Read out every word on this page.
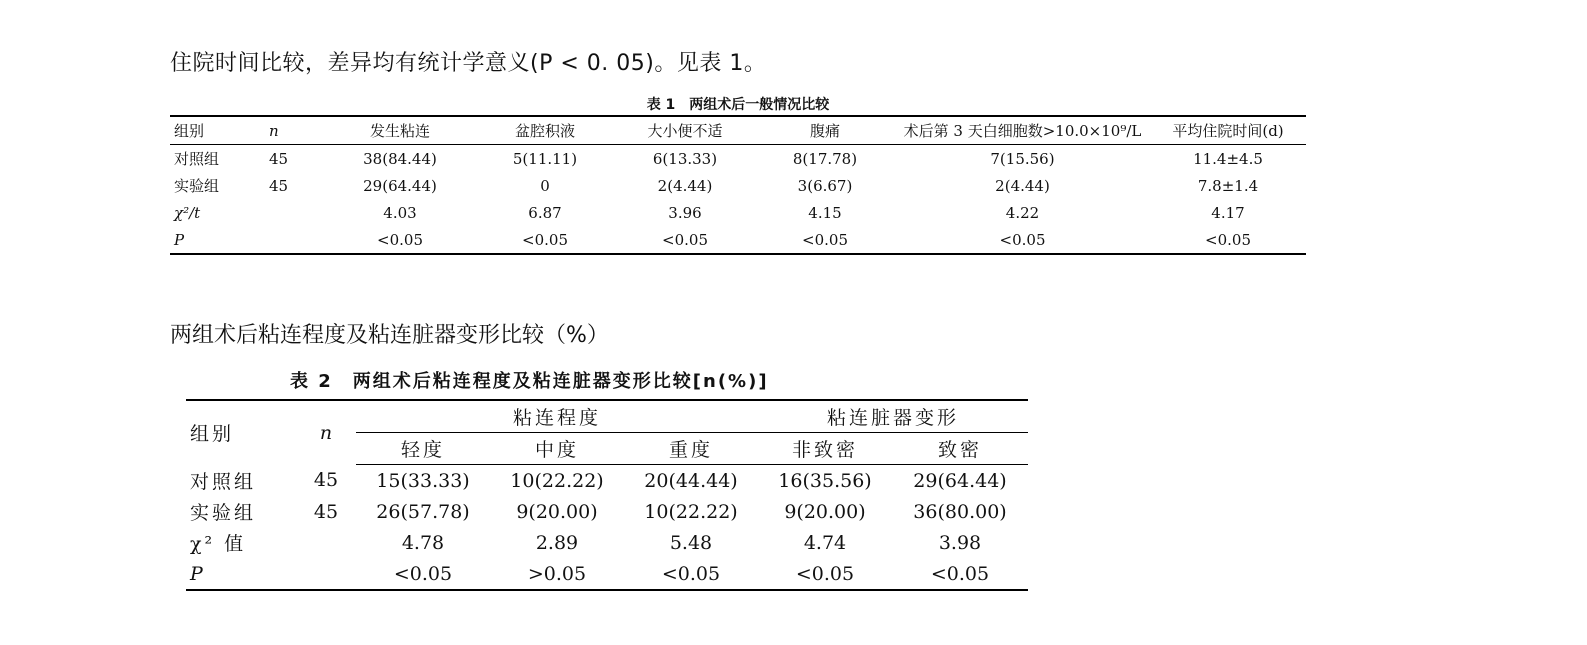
住院时间比较，差异均有统计学意义(P < 0. 05)。见表 1。
表 1　两组术后一般情况比较
组别	n	发生粘连	盆腔积液	大小便不适	腹痛	术后第 3 天白细胞数>10.0×10⁹/L	平均住院时间(d)
对照组	45	38(84.44)	5(11.11)	6(13.33)	8(17.78)	7(15.56)	11.4±4.5
实验组	45	29(64.44)	0	2(4.44)	3(6.67)	2(4.44)	7.8±1.4
χ²/t		4.03	6.87	3.96	4.15	4.22	4.17
P		<0.05	<0.05	<0.05	<0.05	<0.05	<0.05
两组术后粘连程度及粘连脏器变形比较（%）
表 2　两组术后粘连程度及粘连脏器变形比较[n(%)]
组别	n	粘连程度			粘连脏器变形	
		轻度	中度	重度	非致密	致密
对照组	45	15(33.33)	10(22.22)	20(44.44)	16(35.56)	29(64.44)
实验组	45	26(57.78)	9(20.00)	10(22.22)	9(20.00)	36(80.00)
χ² 值		4.78	2.89	5.48	4.74	3.98
P		<0.05	>0.05	<0.05	<0.05	<0.05
